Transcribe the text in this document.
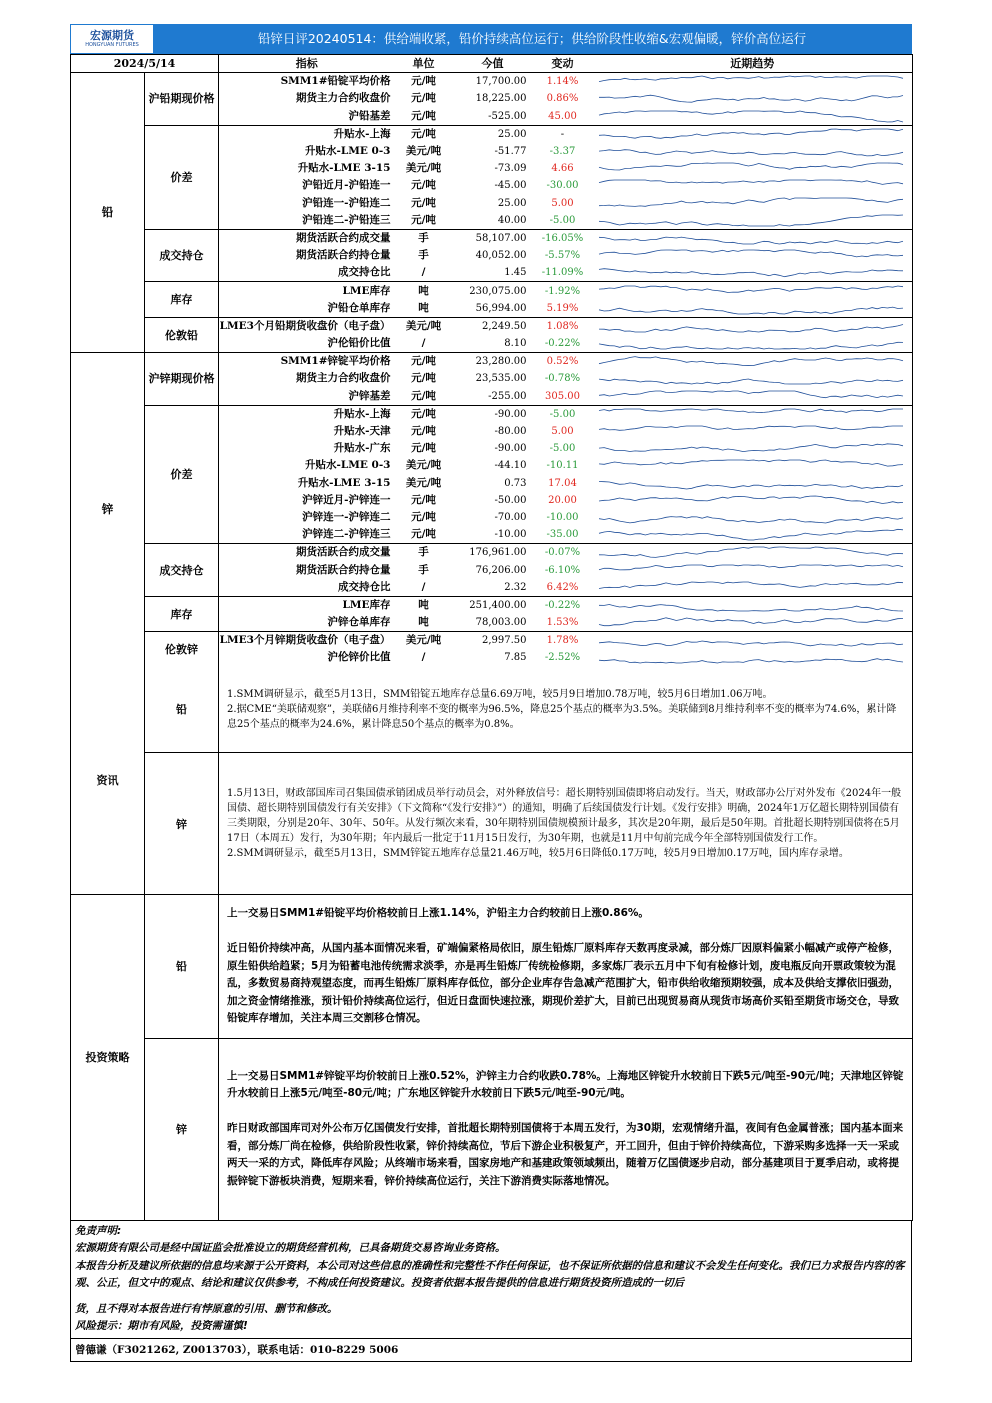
宏源期货
HONGYUAN FUTURES	铅锌日评20240514：供给端收紧，铅价持续高位运行；供给阶段性收缩&宏观偏暖，锌价高位运行
2024/5/14		指标	单位	今值	变动	近期趋势
铅	沪铅期现价格	SMM1#铅锭平均价格	元/吨	17,700.00	1.14%	

		期货主力合约收盘价	元/吨	18,225.00	0.86%	

		沪铅基差	元/吨	-525.00	45.00	

	价差	升贴水-上海	元/吨	25.00	-	

		升贴水-LME 0-3	美元/吨	-51.77	-3.37	

		升贴水-LME 3-15	美元/吨	-73.09	4.66	

		沪铅近月-沪铅连一	元/吨	-45.00	-30.00	

		沪铅连一-沪铅连二	元/吨	25.00	5.00	

		沪铅连二-沪铅连三	元/吨	40.00	-5.00	

	成交持仓	期货活跃合约成交量	手	58,107.00	-16.05%	

		期货活跃合约持仓量	手	40,052.00	-5.57%	

		成交持仓比	/	1.45	-11.09%	

	库存	LME库存	吨	230,075.00	-1.92%	

		沪铅仓单库存	吨	56,994.00	5.19%	

	伦敦铅	LME3个月铅期货收盘价（电子盘）	美元/吨	2,249.50	1.08%	

		沪伦铅价比值	/	8.10	-0.22%	

锌	沪锌期现价格	SMM1#锌锭平均价格	元/吨	23,280.00	0.52%	

		期货主力合约收盘价	元/吨	23,535.00	-0.78%	

		沪锌基差	元/吨	-255.00	305.00	

	价差	升贴水-上海	元/吨	-90.00	-5.00	

		升贴水-天津	元/吨	-80.00	5.00	

		升贴水-广东	元/吨	-90.00	-5.00	

		升贴水-LME 0-3	美元/吨	-44.10	-10.11	

		升贴水-LME 3-15	美元/吨	0.73	17.04	

		沪锌近月-沪锌连一	元/吨	-50.00	20.00	

		沪锌连一-沪锌连二	元/吨	-70.00	-10.00	

		沪锌连二-沪锌连三	元/吨	-10.00	-35.00	

	成交持仓	期货活跃合约成交量	手	176,961.00	-0.07%	

		期货活跃合约持仓量	手	76,206.00	-6.10%	

		成交持仓比	/	2.32	6.42%	

	库存	LME库存	吨	251,400.00	-0.22%	

		沪锌仓单库存	吨	78,003.00	1.53%	

	伦敦锌	LME3个月锌期货收盘价（电子盘）	美元/吨	2,997.50	1.78%	

		沪伦锌价比值	/	7.85	-2.52%	
资讯	铅	1.SMM调研显示，截至5月13日，SMM铅锭五地库存总量6.69万吨，较5月9日增加0.78万吨，较5月6日增加1.06万吨。
2.据CME“美联储观察”，美联储6月维持利率不变的概率为96.5%，降息25个基点的概率为3.5%。美联储到8月维持利率不变的概率为74.6%，累计降息25个基点的概率为24.6%，累计降息50个基点的概率为0.8%。
	锌	1.5月13日，财政部国库司召集国债承销团成员举行动员会，对外释放信号：超长期特别国债即将启动发行。当天，财政部办公厅对外发布《2024年一般国债、超长期特别国债发行有关安排》（下文简称“《发行安排》”）的通知，明确了后续国债发行计划。《发行安排》明确，2024年1万亿超长期特别国债有三类期限，分别是20年、30年、50年。从发行频次来看，30年期特别国债规模预计最多，其次是20年期，最后是50年期。首批超长期特别国债将在5月17日（本周五）发行，为30年期；年内最后一批定于11月15日发行，为30年期，也就是11月中旬前完成今年全部特别国债发行工作。
2.SMM调研显示，截至5月13日，SMM锌锭五地库存总量21.46万吨，较5月6日降低0.17万吨，较5月9日增加0.17万吨，国内库存录增。
投资策略	铅	上一交易日SMM1#铅锭平均价格较前日上涨1.14%，沪铅主力合约较前日上涨0.86%。

近日铅价持续冲高，从国内基本面情况来看，矿端偏紧格局依旧，原生铅炼厂原料库存天数再度录减，部分炼厂因原料偏紧小幅减产或停产检修，原生铅供给趋紧；5月为铅蓄电池传统需求淡季，亦是再生铅炼厂传统检修期，多家炼厂表示五月中下旬有检修计划，废电瓶反向开票政策较为混乱，多数贸易商持观望态度，而再生铅炼厂原料库存低位，部分企业库存告急减产范围扩大，铅市供给收缩预期较强，成本及供给支撑依旧强劲，加之资金情绪推涨，预计铅价持续高位运行，但近日盘面快速拉涨，期现价差扩大，目前已出现贸易商从现货市场高价买铅至期货市场交仓，导致铅锭库存增加，关注本周三交割移仓情况。
	锌	上一交易日SMM1#锌锭平均价较前日上涨0.52%，沪锌主力合约收跌0.78%。上海地区锌锭升水较前日下跌5元/吨至-90元/吨；天津地区锌锭升水较前日上涨5元/吨至-80元/吨；广东地区锌锭升水较前日下跌5元/吨至-90元/吨。

昨日财政部国库司对外公布万亿国债发行安排，首批超长期特别国债将于本周五发行，为30期，宏观情绪升温，夜间有色金属普涨；国内基本面来看，部分炼厂尚在检修，供给阶段性收紧，锌价持续高位，节后下游企业积极复产，开工回升，但由于锌价持续高位，下游采购多选择一天一采或两天一采的方式，降低库存风险；从终端市场来看，国家房地产和基建政策领域频出，随着万亿国债逐步启动，部分基建项目于夏季启动，或将提振锌锭下游板块消费，短期来看，锌价持续高位运行，关注下游消费实际落地情况。
免责声明:
宏源期货有限公司是经中国证监会批准设立的期货经营机构，已具备期货交易咨询业务资格。
本报告分析及建议所依据的信息均来源于公开资料，本公司对这些信息的准确性和完整性不作任何保证，也不保证所依据的信息和建议不会发生任何变化。我们已力求报告内容的客观、公正，但文中的观点、结论和建议仅供参考，不构成任何投资建议。投资者依据本报告提供的信息进行期货投资所造成的一切后
货，且不得对本报告进行有悖原意的引用、删节和修改。
风险提示：期市有风险，投资需谨慎!
曾德谦（F3021262, Z0013703），联系电话：010-8229 5006
